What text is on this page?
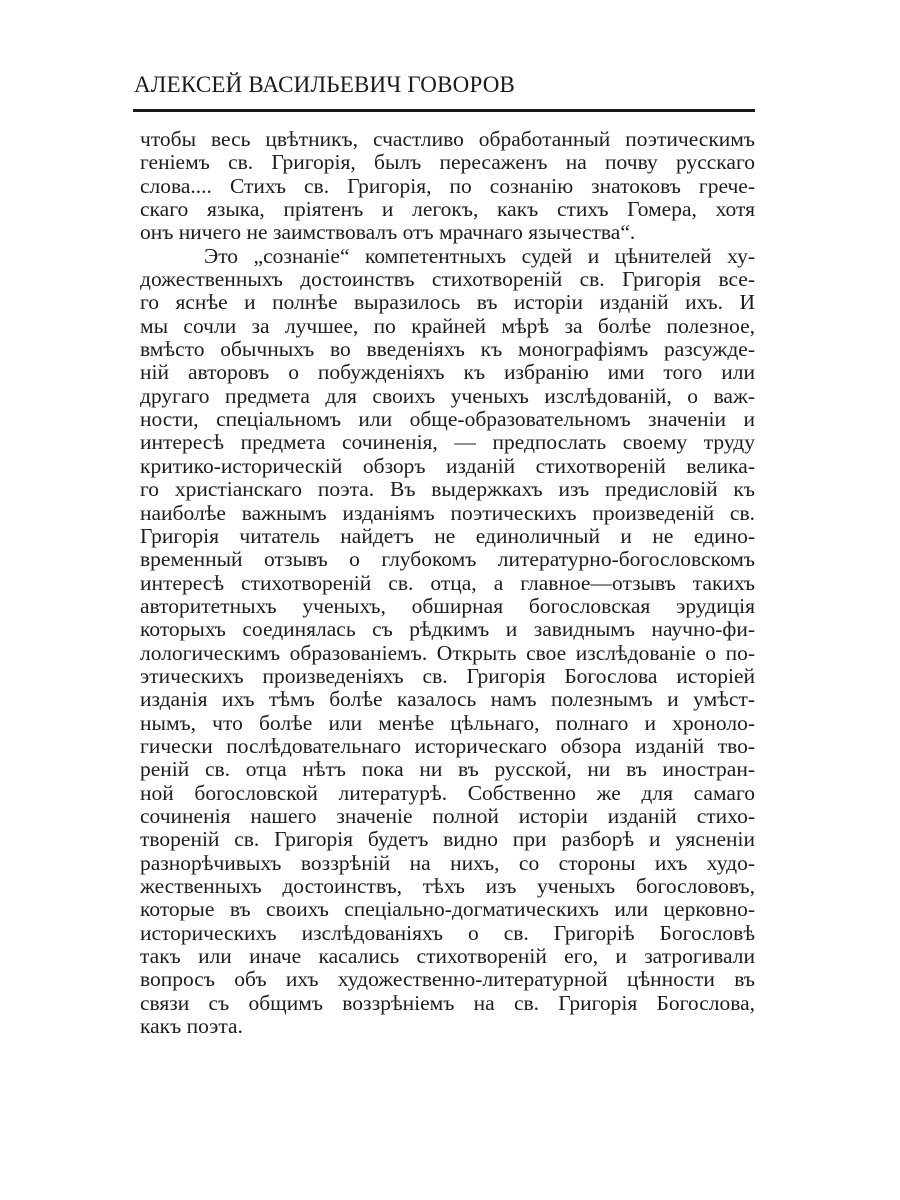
АЛЕКСЕЙ ВАСИЛЬЕВИЧ ГОВОРОВ
чтобы весь цвѣтникъ, счастливо обработанный поэтическимъ
геніемъ св. Григорія, былъ пересаженъ на почву русскаго
слова.... Стихъ св. Григорія, по сознанію знатоковъ грече-
скаго языка, пріятенъ и легокъ, какъ стихъ Гомера, хотя
онъ ничего не заимствовалъ отъ мрачнаго язычества“.
Это „сознаніе“ компетентныхъ судей и цѣнителей ху-
дожественныхъ достоинствъ стихотвореній св. Григорія все-
го яснѣе и полнѣе выразилось въ исторіи изданій ихъ. И
мы сочли за лучшее, по крайней мѣрѣ за болѣе полезное,
вмѣсто обычныхъ во введеніяхъ къ монографіямъ разсужде-
ній авторовъ о побужденіяхъ къ избранію ими того или
другаго предмета для своихъ ученыхъ изслѣдованій, о важ-
ности, спеціальномъ или обще-образовательномъ значеніи и
интересѣ предмета сочиненія, — предпослать своему труду
критико-историческій обзоръ изданій стихотвореній велика-
го христіанскаго поэта. Въ выдержкахъ изъ предисловій къ
наиболѣе важнымъ изданіямъ поэтическихъ произведеній св.
Григорія читатель найдетъ не единоличный и не едино-
временный отзывъ о глубокомъ литературно-богословскомъ
интересѣ стихотвореній св. отца, а главное—отзывъ такихъ
авторитетныхъ ученыхъ, обширная богословская эрудиція
которыхъ соединялась съ рѣдкимъ и завиднымъ научно-фи-
лологическимъ образованіемъ. Открыть свое изслѣдованіе о по-
этическихъ произведеніяхъ св. Григорія Богослова исторіей
изданія ихъ тѣмъ болѣе казалось намъ полезнымъ и умѣст-
нымъ, что болѣе или менѣе цѣльнаго, полнаго и хроноло-
гически послѣдовательнаго историческаго обзора изданій тво-
реній св. отца нѣтъ пока ни въ русской, ни въ иностран-
ной богословской литературѣ. Собственно же для самаго
сочиненія нашего значеніе полной исторіи изданій стихо-
твореній св. Григорія будетъ видно при разборѣ и уясненіи
разнорѣчивыхъ воззрѣній на нихъ, со стороны ихъ худо-
жественныхъ достоинствъ, тѣхъ изъ ученыхъ богослововъ,
которые въ своихъ спеціально-догматическихъ или церковно-
историческихъ изслѣдованіяхъ о св. Григоріѣ Богословѣ
такъ или иначе касались стихотвореній его, и затрогивали
вопросъ объ ихъ художественно-литературной цѣнности въ
связи съ общимъ воззрѣніемъ на св. Григорія Богослова,
какъ поэта.
